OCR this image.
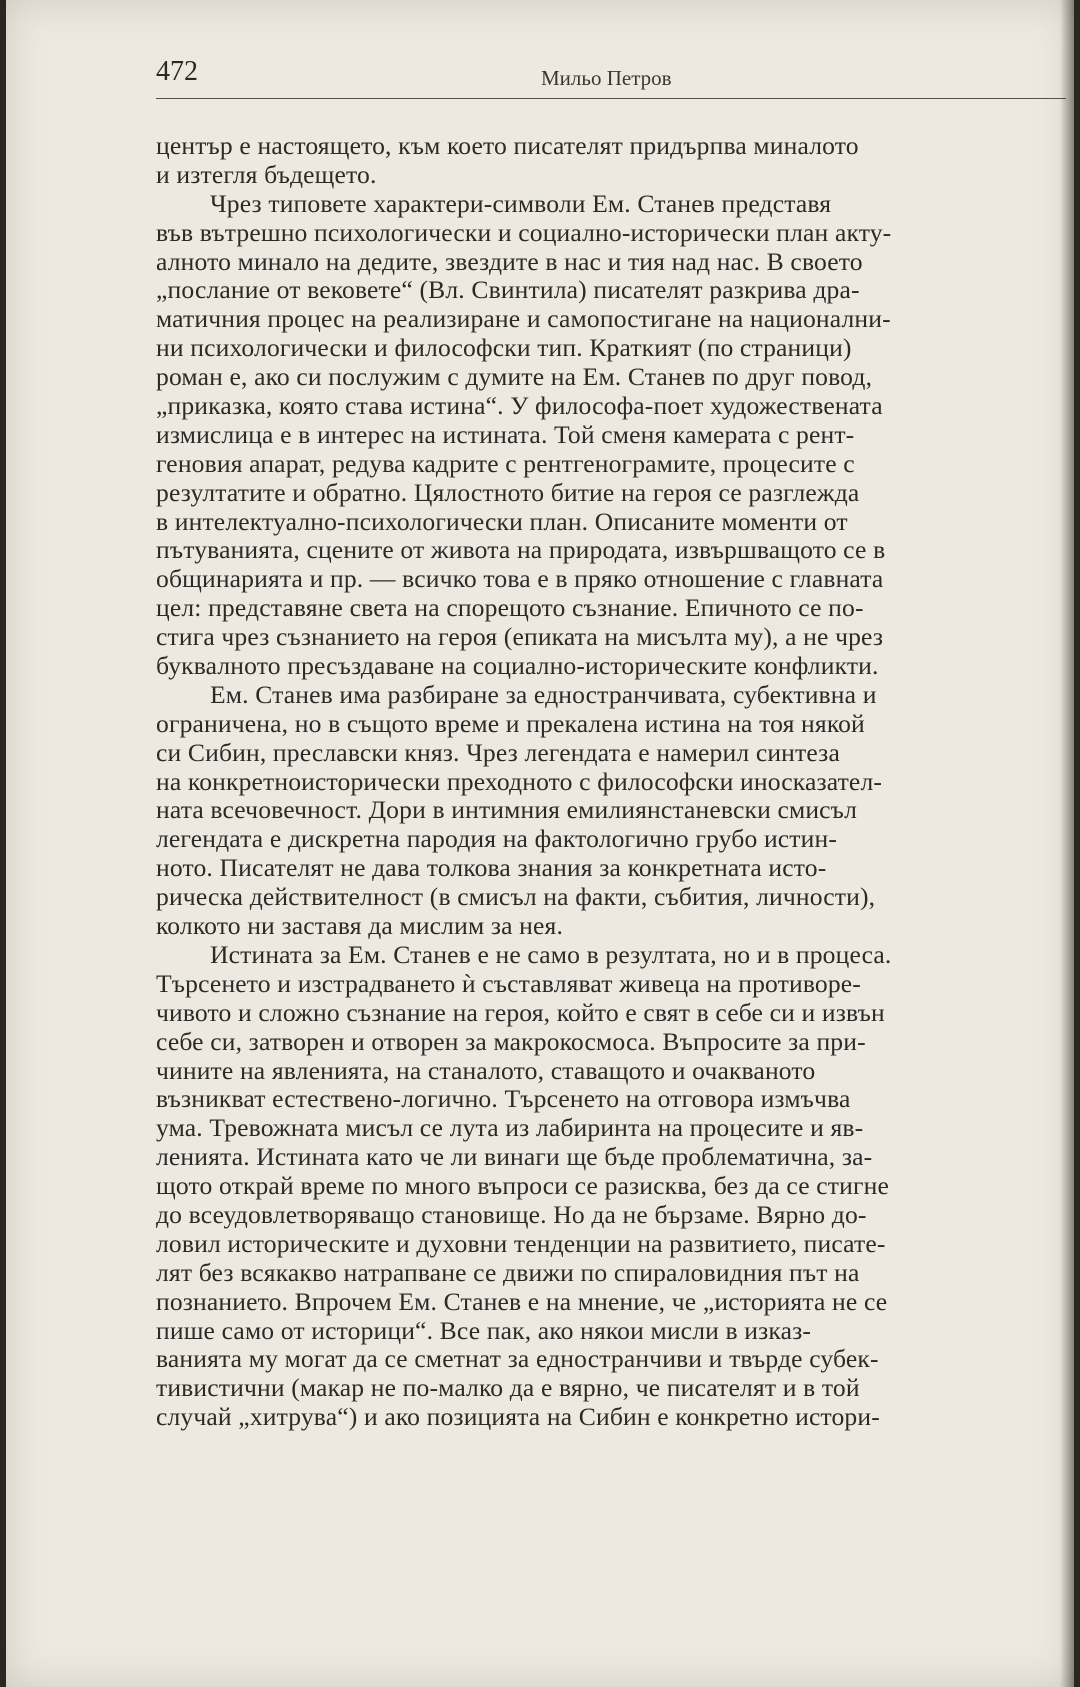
472	Мильо Петров
център е настоящето, към което писателят придърпва миналото
и изтегля бъдещето.
Чрез типовете характери-символи Ем. Станев представя
във вътрешно психологически и социално-исторически план акту-
алното минало на дедите, звездите в нас и тия над нас. В своето
„послание от вековете“ (Вл. Свинтила) писателят разкрива дра-
матичния процес на реализиране и самопостигане на национални-
ни психологически и философски тип. Краткият (по страници)
роман е, ако си послужим с думите на Ем. Станев по друг повод,
„приказка, която става истина“. У философа-поет художествената
измислица е в интерес на истината. Той сменя камерата с рент-
геновия апарат, редува кадрите с рентгенограмите, процесите с
резултатите и обратно. Цялостното битие на героя се разглежда
в интелектуално-психологически план. Описаните моменти от
пътуванията, сцените от живота на природата, извършващото се в
общинарията и пр. — всичко това е в пряко отношение с главната
цел: представяне света на спорещото съзнание. Епичното се по-
стига чрез съзнанието на героя (епиката на мисълта му), а не чрез
буквалното пресъздаване на социално-историческите конфликти.
Ем. Станев има разбиране за едностранчивата, субективна и
ограничена, но в същото време и прекалена истина на тоя някой
си Сибин, преславски княз. Чрез легендата е намерил синтеза
на конкретноисторически преходното с философски иносказател-
ната всечовечност. Дори в интимния емилиянстаневски смисъл
легендата е дискретна пародия на фактологично грубо истин-
ното. Писателят не дава толкова знания за конкретната исто-
рическа действителност (в смисъл на факти, събития, личности),
колкото ни заставя да мислим за нея.
Истината за Ем. Станев е не само в резултата, но и в процеса.
Търсенето и изстрадването ѝ съставляват живеца на противоре-
чивото и сложно съзнание на героя, който е свят в себе си и извън
себе си, затворен и отворен за макрокосмоса. Въпросите за при-
чините на явленията, на станалото, ставащото и очакваното
възникват естествено-логично. Търсенето на отговора измъчва
ума. Тревожната мисъл се лута из лабиринта на процесите и яв-
ленията. Истината като че ли винаги ще бъде проблематична, за-
щото открай време по много въпроси се разисква, без да се стигне
до всеудовлетворяващо становище. Но да не бързаме. Вярно до-
ловил историческите и духовни тенденции на развитието, писате-
лят без всякакво натрапване се движи по спираловидния път на
познанието. Впрочем Ем. Станев е на мнение, че „историята не се
пише само от историци“. Все пак, ако някои мисли в изказ-
ванията му могат да се сметнат за едностранчиви и твърде субек-
тивистични (макар не по-малко да е вярно, че писателят и в той
случай „хитрува“) и ако позицията на Сибин е конкретно истори-
